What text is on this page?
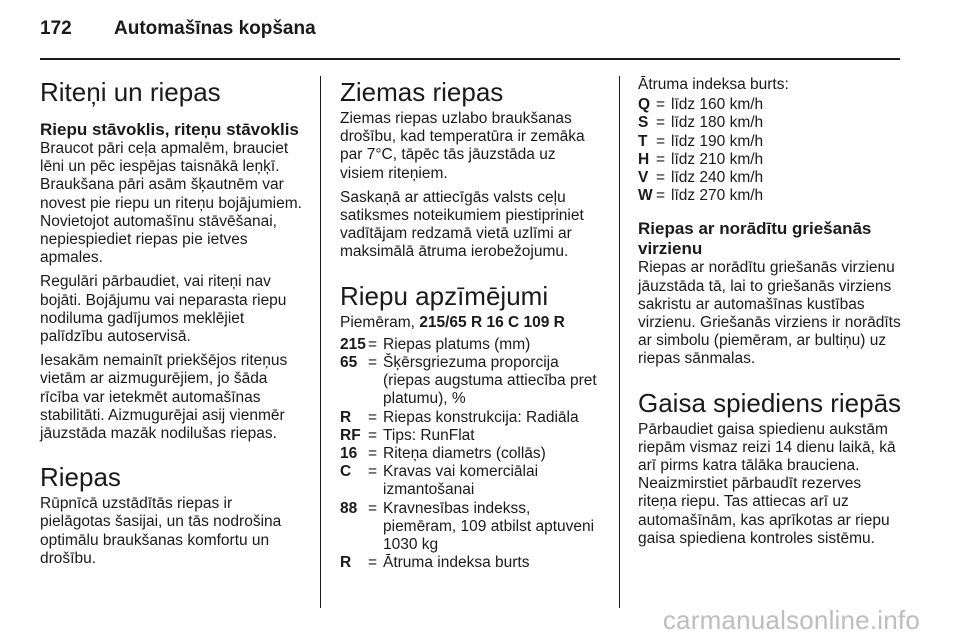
172 Automašīnas kopšana
Riteņi un riepas
Riepu stāvoklis, riteņu stāvoklis

Braucot pāri ceļa apmalēm, brauciet lēni un pēc iespējas taisnākā leņķī. Braukšana pāri asām šķautnēm var novest pie riepu un riteņu bojājumiem. Novietojot automašīnu stāvēšanai, nepiespiediet riepas pie ietves apmales.

Regulāri pārbaudiet, vai riteņi nav bojāti. Bojājumu vai neparasta riepu nodiluma gadījumos meklējiet palīdzību autoservisā.

Iesakām nemainīt priekšējos riteņus vietām ar aizmugurējiem, jo šāda rīcība var ietekmēt automašīnas stabilitāti. Aizmugurējai asij vienmēr jāuzstāda mazāk nodilušas riepas.

Riepas

Rūpnīcā uzstādītās riepas ir pielāgotas šasijai, un tās nodrošina optimālu braukšanas komfortu un drošību.

Ziemas riepas

Ziemas riepas uzlabo braukšanas drošību, kad temperatūra ir zemāka par 7°C, tāpēc tās jāuzstāda uz visiem riteņiem.

Saskaņā ar attiecīgās valsts ceļu satiksmes noteikumiem piestipriniet vadītājam redzamā vietā uzlīmi ar maksimālā ātruma ierobežojumu.

Riepu apzīmējumi

Piemēram, 215/65 R 16 C 109 R

215 = Riepas platums (mm)
65 = Šķērsgriezuma proporcija (riepas augstuma attiecība pret platumu), %
R	= Riepas konstrukcija: Radiāla
RF = Tips: RunFlat
16 = Riteņa diametrs (collās)
C	= Kravas vai komerciālai izmantošanai
88 = Kravnesības indekss, piemēram, 109 atbilst aptuveni 1030 kg
R	= Ātruma indeksa burts

Ātruma indeksa burts:

Q = līdz 160 km/h
S = līdz 180 km/h
T = līdz 190 km/h
H = līdz 210 km/h
V = līdz 240 km/h
W = līdz 270 km/h
Riepas ar norādītu griešanās virzienu

Riepas ar norādītu griešanās virzienu jāuzstāda tā, lai to griešanās virziens sakristu ar automašīnas kustības virzienu. Griešanās virziens ir norādīts ar simbolu (piemēram, ar bultiņu) uz riepas sānmalas.

Gaisa spiediens riepās

Pārbaudiet gaisa spiedienu aukstām riepām vismaz reizi 14 dienu laikā, kā arī pirms katra tālāka brauciena. Neaizmirstiet pārbaudīt rezerves riteņa riepu. Tas attiecas arī uz automašīnām, kas aprīkotas ar riepu gaisa spiediena kontroles sistēmu.

carmanualsonline.info
